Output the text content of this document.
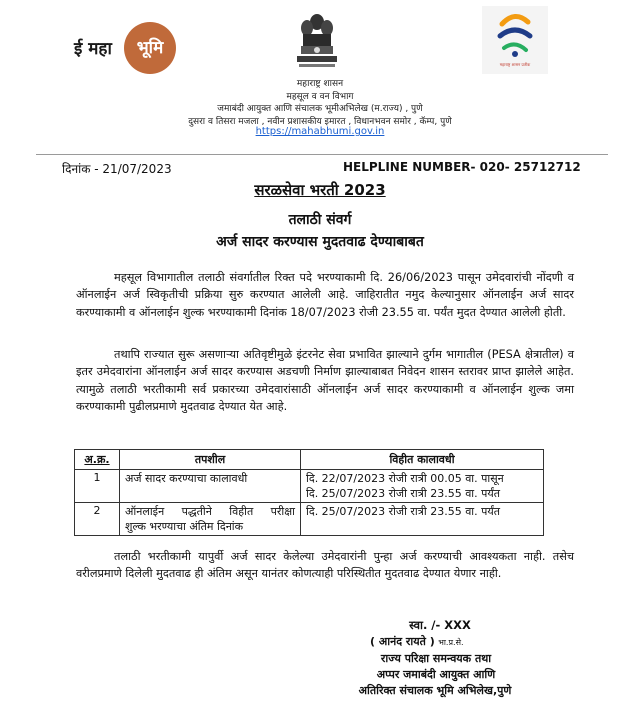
ई महा	भूमि
महाराष्ट्र शासन प्रतीक
महाराष्ट्र शासन
महसूल व वन विभाग
जमाबंदी आयुक्त आणि संचालक भूमीअभिलेख (म.राज्य) , पुणे
दुसरा व तिसरा मजला , नवीन प्रशासकीय इमारत , विधानभवन समोर , कॅम्प, पुणे
https://mahabhumi.gov.in
दिनांक - 21/07/2023	HELPLINE NUMBER- 020- 25712712
सरळसेवा भरती 2023
तलाठी संवर्ग
अर्ज सादर करण्यास मुदतवाढ देण्याबाबत
महसूल विभागातील तलाठी संवर्गातील रिक्त पदे भरण्याकामी दि. 26/06/2023 पासून उमेदवारांची नोंदणी व ऑनलाईन अर्ज स्विकृतीची प्रक्रिया सुरु करण्यात आलेली आहे. जाहिरातीत नमुद केल्यानुसार ऑनलाईन अर्ज सादर करण्याकामी व ऑनलाईन शुल्क भरण्याकामी दिनांक 18/07/2023 रोजी 23.55 वा. पर्यंत मुदत देण्यात आलेली होती.
तथापि राज्यात सुरू असणाऱ्या अतिवृष्टीमुळे इंटरनेट सेवा प्रभावित झाल्याने दुर्गम भागातील (PESA क्षेत्रातील) व इतर उमेदवारांना ऑनलाईन अर्ज सादर करण्यास अडचणी निर्माण झाल्याबाबत निवेदन शासन स्तरावर प्राप्त झालेले आहेत. त्यामुळे तलाठी भरतीकामी सर्व प्रकारच्या उमेदवारांसाठी ऑनलाईन अर्ज सादर करण्याकामी व ऑनलाईन शुल्क जमा करण्याकामी पुढीलप्रमाणे मुदतवाढ देण्यात येत आहे.
अ.क्र.	तपशील	विहीत कालावधी
1	अर्ज सादर करण्याचा कालावधी	दि. 22/07/2023 रोजी रात्री 00.05 वा. पासून
दि. 25/07/2023 रोजी रात्री 23.55 वा. पर्यंत

2	ऑनलाईन पद्धतीने विहीत परीक्षा
शुल्क भरण्याचा अंतिम दिनांक	दि. 25/07/2023 रोजी रात्री 23.55 वा. पर्यंत
तलाठी भरतीकामी यापुर्वी अर्ज सादर केलेल्या उमेदवारांनी पुन्हा अर्ज करण्याची आवश्यकता नाही. तसेच वरीलप्रमाणे दिलेली मुदतवाढ ही अंतिम असून यानंतर कोणत्याही परिस्थितीत मुदतवाढ देण्यात येणार नाही.
स्वा. /- XXX
( आनंद रायते ) भा.प्र.से.
राज्य परिक्षा समन्वयक तथा
अप्पर जमाबंदी आयुक्त आणि
अतिरिक्त संचालक भूमि अभिलेख,पुणे
